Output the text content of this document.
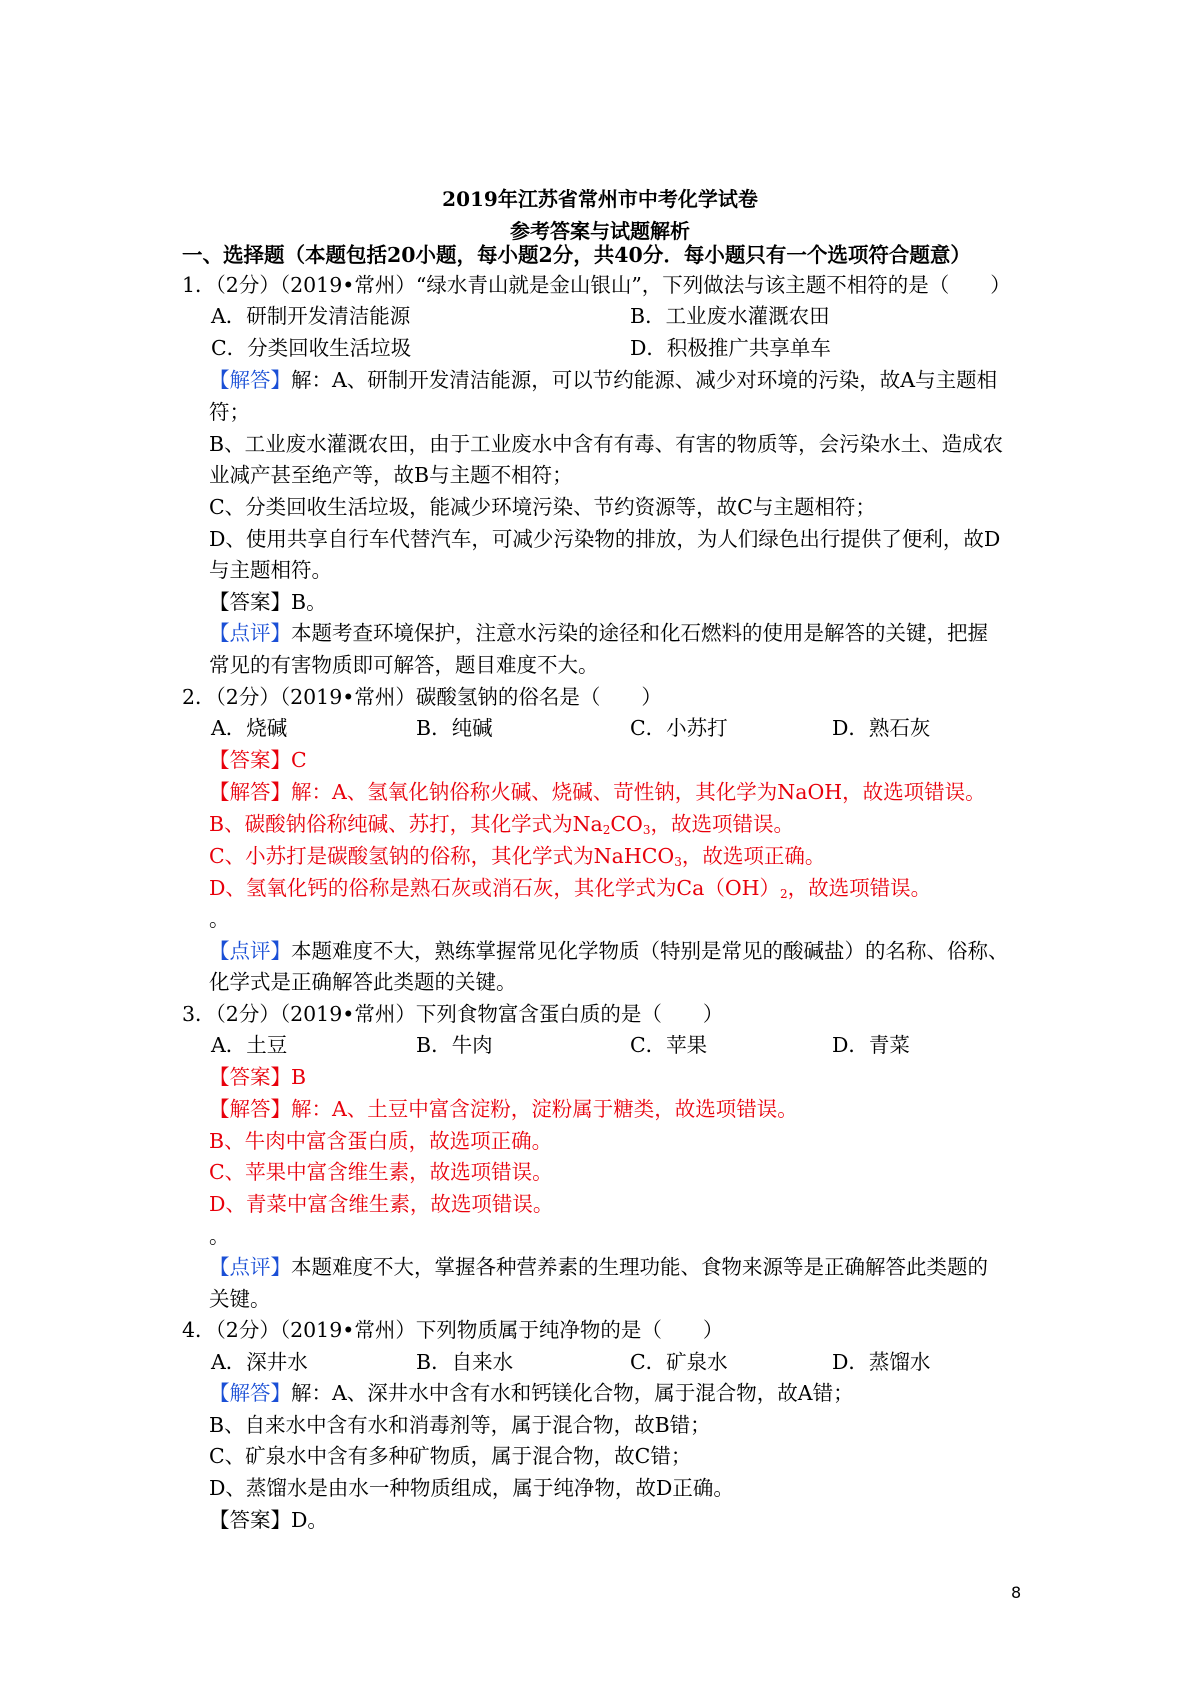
2019年江苏省常州市中考化学试卷
参考答案与试题解析
一、选择题（本题包括20小题，每小题2分，共40分．每小题只有一个选项符合题意）
1．（2分）（2019•常州）“绿水青山就是金山银山”，下列做法与该主题不相符的是（　　）
A．研制开发清洁能源	B．工业废水灌溉农田
C．分类回收生活垃圾	D．积极推广共享单车
【解答】解：A、研制开发清洁能源，可以节约能源、减少对环境的污染，故A与主题相
符；
B、工业废水灌溉农田，由于工业废水中含有有毒、有害的物质等，会污染水土、造成农
业减产甚至绝产等，故B与主题不相符；
C、分类回收生活垃圾，能减少环境污染、节约资源等，故C与主题相符；
D、使用共享自行车代替汽车，可减少污染物的排放，为人们绿色出行提供了便利，故D
与主题相符。
【答案】B。
【点评】本题考查环境保护，注意水污染的途径和化石燃料的使用是解答的关键，把握
常见的有害物质即可解答，题目难度不大。
2．（2分）（2019•常州）碳酸氢钠的俗名是（　　）
A．烧碱	B．纯碱	C．小苏打	D．熟石灰
【答案】C
【解答】解：A、氢氧化钠俗称火碱、烧碱、苛性钠，其化学为NaOH，故选项错误。
B、碳酸钠俗称纯碱、苏打，其化学式为$Na_2CO_3$，故选项错误。
C、小苏打是碳酸氢钠的俗称，其化学式为NaHCO$_3$，故选项正确。
D、氢氧化钙的俗称是熟石灰或消石灰，其化学式为$Ca(OH)_2$，故选项错误。
。
【点评】本题难度不大，熟练掌握常见化学物质（特别是常见的酸碱盐）的名称、俗称、
化学式是正确解答此类题的关键。
3．（2分）（2019•常州）下列食物富含蛋白质的是（　　）
A．土豆	B．牛肉	C．苹果	D．青菜
【答案】B
【解答】解：A、土豆中富含淀粉，淀粉属于糖类，故选项错误。
B、牛肉中富含蛋白质，故选项正确。
C、苹果中富含维生素，故选项错误。
D、青菜中富含维生素，故选项错误。
。
【点评】本题难度不大，掌握各种营养素的生理功能、食物来源等是正确解答此类题的
关键。
4．（2分）（2019•常州）下列物质属于纯净物的是（　　）
A．深井水	B．自来水	C．矿泉水	D．蒸馏水
【解答】解：A、深井水中含有水和钙镁化合物，属于混合物，故A错；
B、自来水中含有水和消毒剂等，属于混合物，故B错；
C、矿泉水中含有多种矿物质，属于混合物，故C错；
D、蒸馏水是由水一种物质组成，属于纯净物，故D正确。
【答案】D。
8
